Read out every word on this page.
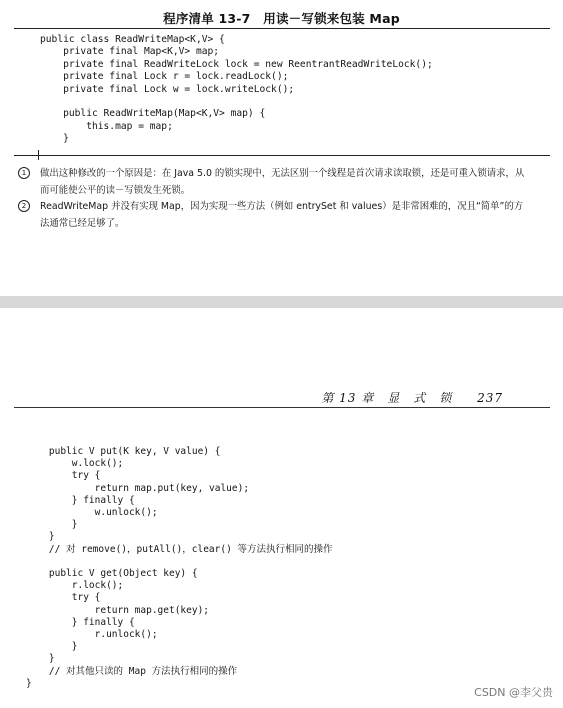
程序清单 13-7　用读－写锁来包装 Map
public class ReadWriteMap<K,V> {
private final Map<K,V> map;
private final ReadWriteLock lock = new ReentrantReadWriteLock();
private final Lock r = lock.readLock();
private final Lock w = lock.writeLock();

public ReadWriteMap(Map<K,V> map) {
this.map = map;
}
1	做出这种修改的一个原因是：在 Java 5.0 的锁实现中，无法区别一个线程是首次请求读取锁，还是可重入锁请求，从而可能使公平的读－写锁发生死锁。
2	ReadWriteMap 并没有实现 Map，因为实现一些方法（例如 entrySet 和 values）是非常困难的，况且“简单”的方法通常已经足够了。
第 13 章　显　式　锁 237
public V put(K key, V value) {
w.lock();
try {
return map.put(key, value);
} finally {
w.unlock();
}
}
// 对 remove()，putAll()，clear() 等方法执行相同的操作

public V get(Object key) {
r.lock();
try {
return map.get(key);
} finally {
r.unlock();
}
}
// 对其他只读的 Map 方法执行相同的操作
}
CSDN @李父贵
